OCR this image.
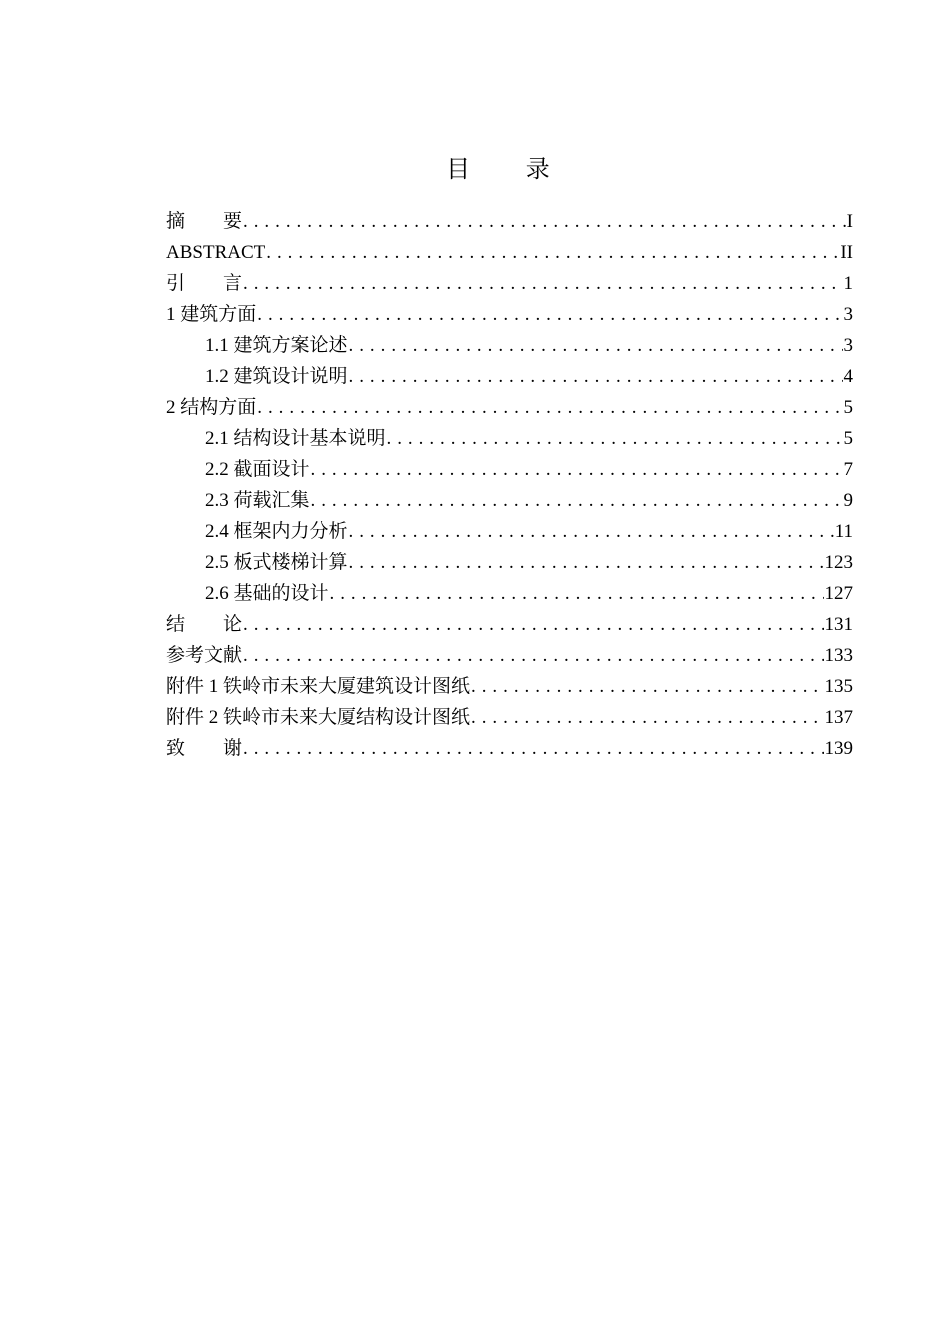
目 录
摘　　要 . . .	I
ABSTRACT . . .	II
引　　言 . . .	1
1 建筑方面 . . .	3
1.1 建筑方案论述 . . .	3
1.2 建筑设计说明 . . .	4
2 结构方面 . . .	5
2.1 结构设计基本说明 . . .	5
2.2 截面设计 . . .	7
2.3 荷载汇集 . . .	9
2.4 框架内力分析 . . .	11
2.5 板式楼梯计算 . . .	123
2.6 基础的设计 . . .	127
结　　论 . . .	131
参考文献 . . .	133
附件 1 铁岭市未来大厦建筑设计图纸 . . .	135
附件 2 铁岭市未来大厦结构设计图纸 . . .	137
致　　谢 . . .	139
